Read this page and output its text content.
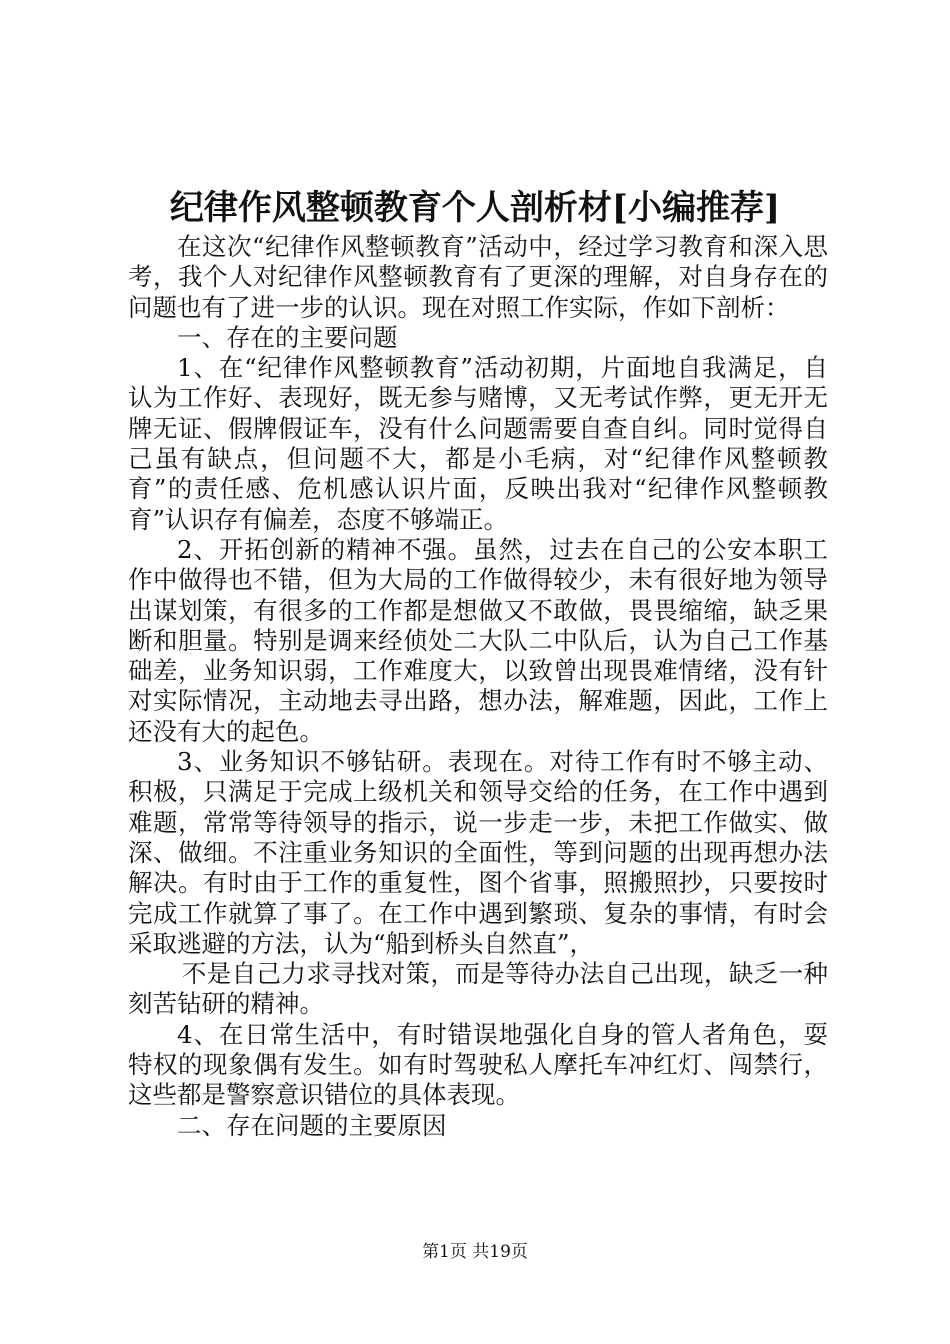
纪律作风整顿教育个人剖析材[小编推荐]

在这次“纪律作风整顿教育”活动中，经过学习教育和深入思考，我个人对纪律作风整顿教育有了更深的理解，对自身存在的问题也有了进一步的认识。现在对照工作实际，作如下剖析：

一、存在的主要问题

1、在“纪律作风整顿教育”活动初期，片面地自我满足，自认为工作好、表现好，既无参与赌博，又无考试作弊，更无开无牌无证、假牌假证车，没有什么问题需要自查自纠。同时觉得自己虽有缺点，但问题不大，都是小毛病，对“纪律作风整顿教育”的责任感、危机感认识片面，反映出我对“纪律作风整顿教育”认识存有偏差，态度不够端正。

2、开拓创新的精神不强。虽然，过去在自己的公安本职工作中做得也不错，但为大局的工作做得较少，未有很好地为领导出谋划策，有很多的工作都是想做又不敢做，畏畏缩缩，缺乏果断和胆量。特别是调来经侦处二大队二中队后，认为自己工作基础差，业务知识弱，工作难度大，以致曾出现畏难情绪，没有针对实际情况，主动地去寻出路，想办法，解难题，因此，工作上还没有大的起色。

3、业务知识不够钻研。表现在。对待工作有时不够主动、积极，只满足于完成上级机关和领导交给的任务，在工作中遇到难题，常常等待领导的指示，说一步走一步，未把工作做实、做深、做细。不注重业务知识的全面性，等到问题的出现再想办法解决。有时由于工作的重复性，图个省事，照搬照抄，只要按时完成工作就算了事了。在工作中遇到繁琐、复杂的事情，有时会采取逃避的方法，认为“船到桥头自然直”，

不是自己力求寻找对策，而是等待办法自己出现，缺乏一种刻苦钻研的精神。

4、在日常生活中，有时错误地强化自身的管人者角色，耍特权的现象偶有发生。如有时驾驶私人摩托车冲红灯、闯禁行，这些都是警察意识错位的具体表现。

二、存在问题的主要原因

第1页 共19页
